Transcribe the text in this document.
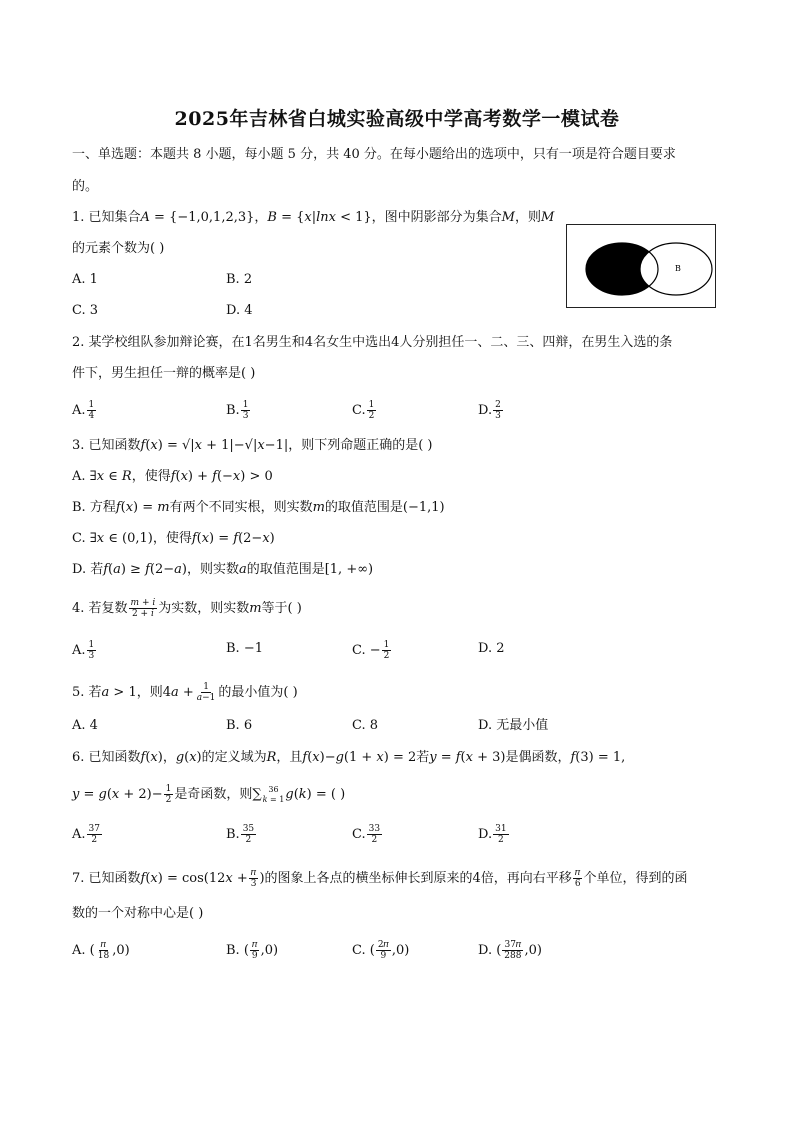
2025年吉林省白城实验高级中学高考数学一模试卷
一、单选题：本题共 8 小题，每小题 5 分，共 40 分。在每小题给出的选项中，只有一项是符合题目要求
的。
1. 已知集合𝐴 = {−1,0,1,2,3}，𝐵 = {𝑥|𝑙𝑛𝑥 < 1}，图中阴影部分为集合𝑀，则𝑀
的元素个数为( )
A. 1	B. 2
C. 3	D. 4
A	B
2. 某学校组队参加辩论赛，在1名男生和4名女生中选出4人分别担任一、二、三、四辩，在男生入选的条
件下，男生担任一辩的概率是( )
A. $\frac{1}{4}$	B. $\frac{1}{3}$	C. $\frac{1}{2}$	D. $\frac{2}{3}$
3. 已知函数𝑓(𝑥) = √|𝑥 + 1|−√|𝑥−1|，则下列命题正确的是( )
A. ∃𝑥 ∈ 𝑅，使得𝑓(𝑥) + 𝑓(−𝑥) > 0
B. 方程𝑓(𝑥) = 𝑚有两个不同实根，则实数𝑚的取值范围是(−1,1)
C. ∃𝑥 ∈ (0,1)，使得𝑓(𝑥) = 𝑓(2−𝑥)
D. 若𝑓(𝑎) ≥ 𝑓(2−𝑎)，则实数𝑎的取值范围是[1, +∞)
4. 若复数 $\frac{\text{𝑚 + 𝑖}}{\text{2 + 𝑖}}$ 为实数，则实数𝑚等于( )
A. $\frac{1}{3}$	B. −1	C. − $\frac{1}{2}$	D. 2
5. 若𝑎 > 1，则4𝑎 + $\frac{1}{\text{𝑎−1}}$ 的最小值为( )
A. 4	B. 6	C. 8	D. 无最小值
6. 已知函数𝑓(𝑥)，𝑔(𝑥)的定义域为𝑅，且𝑓(𝑥)−𝑔(1 + 𝑥) = 2若𝑦 = 𝑓(𝑥 + 3)是偶函数，𝑓(3) = 1,
𝑦 = 𝑔(𝑥 + $2)- \frac{1}{2}$ 是奇函数，则∑ 36
𝑘 = 1 𝑔(𝑘) = ( )
A. $\frac{37}{2}$	B. $\frac{35}{2}$	C. $\frac{33}{2}$	D. $\frac{31}{2}$
7. 已知函数𝑓(𝑥) = cos(12𝑥 + $\frac{\text{𝜋}}{3}$ )的图象上各点的横坐标伸长到原来的4倍，再向右平移 $\frac{\text{𝜋}}{6}$ 个单位，得到的函
数的一个对称中心是( )
A. ( $\frac{\text{𝜋}}{18} ,0$)	B. ( $\frac{\text{𝜋}}{9} ,0$)	C. ( $\frac{\text{2𝜋}}{9} ,0$)	D. ( $\frac{\text{37𝜋}}{288} ,0$)
